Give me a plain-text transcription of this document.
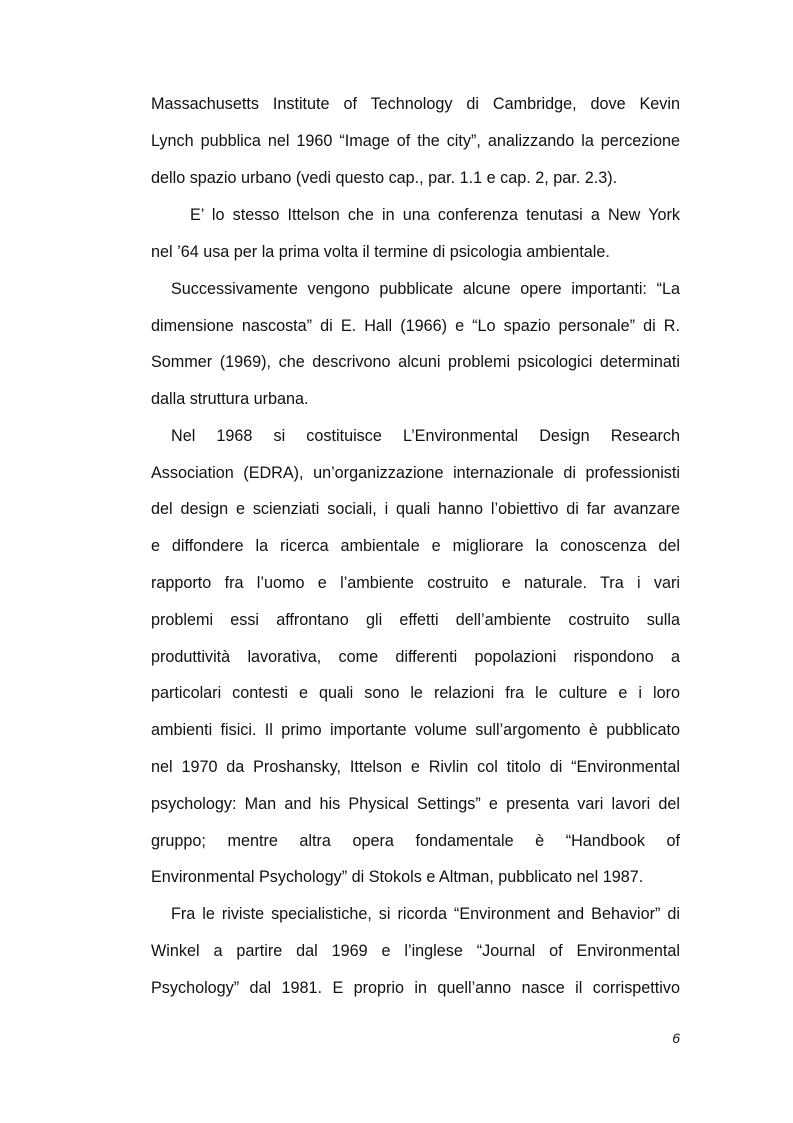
Massachusetts Institute of Technology di Cambridge, dove Kevin
Lynch pubblica nel 1960 “Image of the city”, analizzando la percezione
dello spazio urbano (vedi questo cap., par. 1.1 e cap. 2, par. 2.3).
E’ lo stesso Ittelson che in una conferenza tenutasi a New York
nel ’64 usa per la prima volta il termine di psicologia ambientale.
Successivamente vengono pubblicate alcune opere importanti: “La
dimensione nascosta” di E. Hall (1966) e “Lo spazio personale” di R.
Sommer (1969), che descrivono alcuni problemi psicologici determinati
dalla struttura urbana.
Nel 1968 si costituisce L’Environmental Design Research
Association (EDRA), un’organizzazione internazionale di professionisti
del design e scienziati sociali, i quali hanno l’obiettivo di far avanzare
e diffondere la ricerca ambientale e migliorare la conoscenza del
rapporto fra l’uomo e l’ambiente costruito e naturale. Tra i vari
problemi essi affrontano gli effetti dell’ambiente costruito sulla
produttività lavorativa, come differenti popolazioni rispondono a
particolari contesti e quali sono le relazioni fra le culture e i loro
ambienti fisici. Il primo importante volume sull’argomento è pubblicato
nel 1970 da Proshansky, Ittelson e Rivlin col titolo di “Environmental
psychology: Man and his Physical Settings” e presenta vari lavori del
gruppo; mentre altra opera fondamentale è “Handbook of
Environmental Psychology” di Stokols e Altman, pubblicato nel 1987.
Fra le riviste specialistiche, si ricorda “Environment and Behavior” di
Winkel a partire dal 1969 e l’inglese “Journal of Environmental
Psychology” dal 1981. E proprio in quell’anno nasce il corrispettivo
6
